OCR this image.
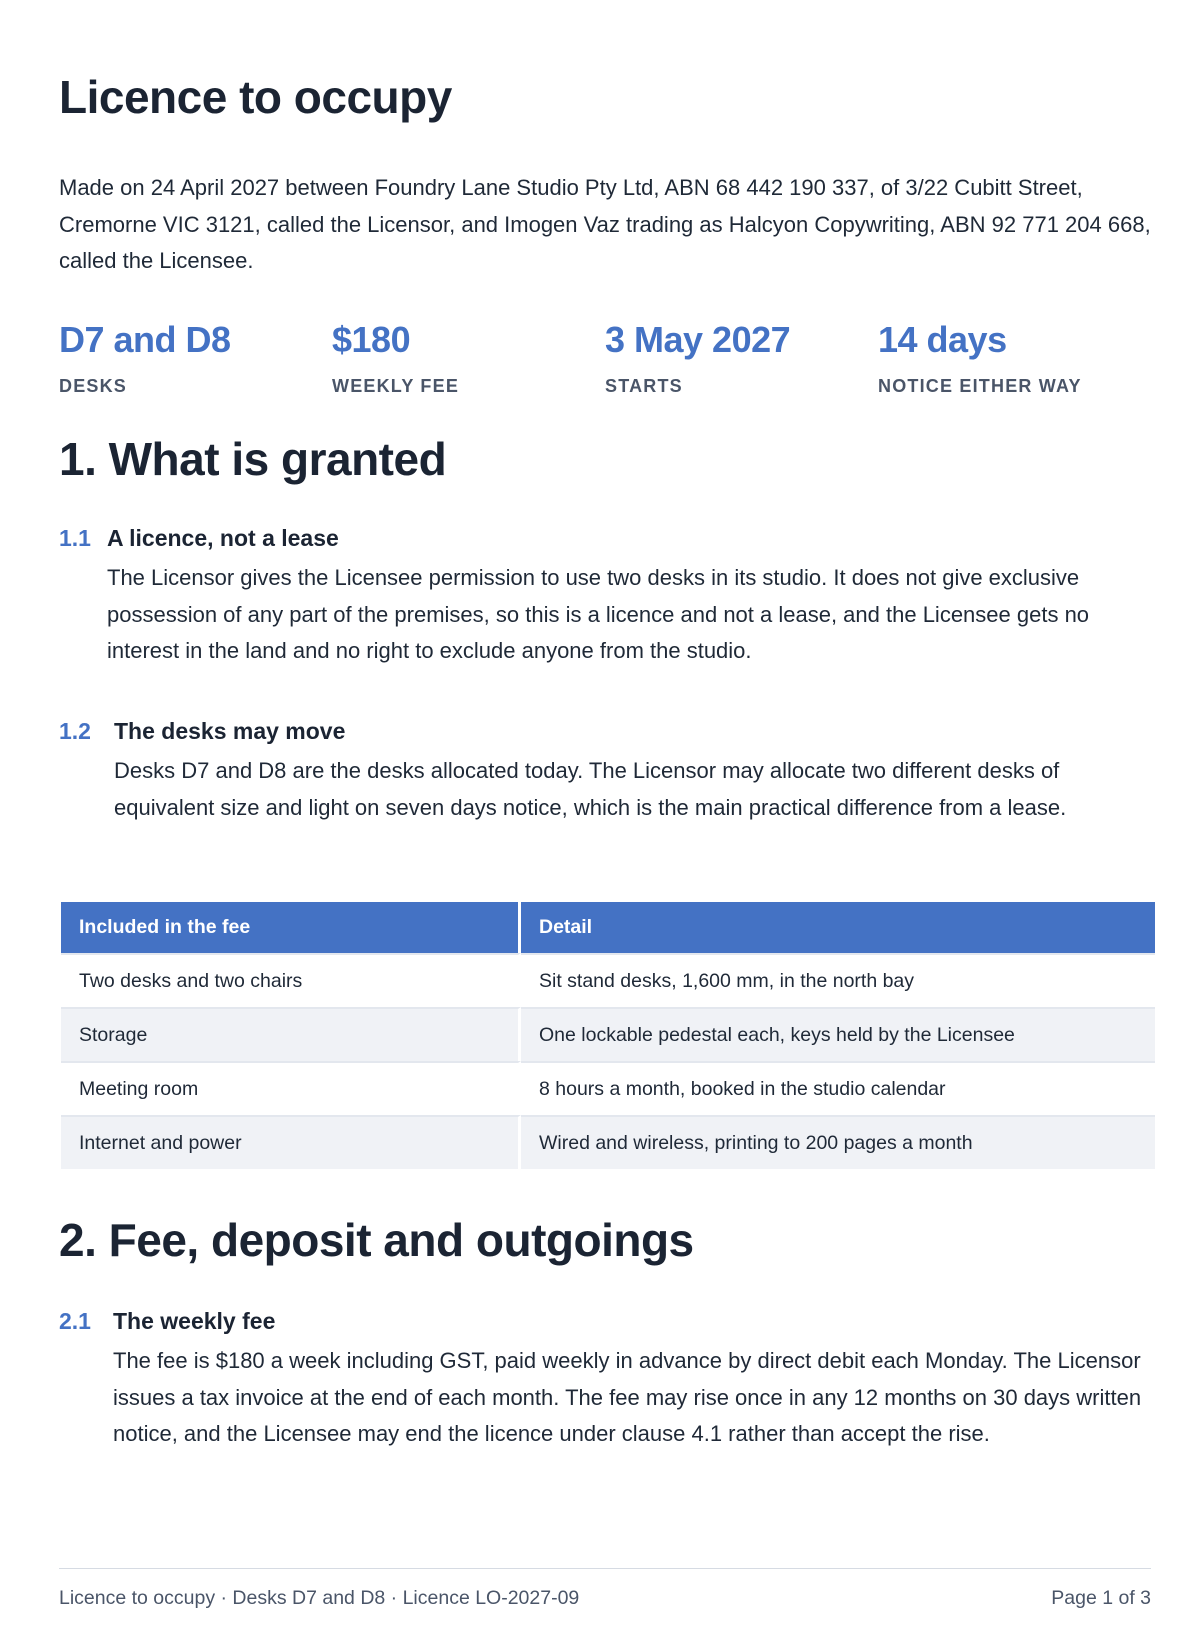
Licence to occupy

Made on 24 April 2027 between Foundry Lane Studio Pty Ltd, ABN 68 442 190 337, of 3/22 Cubitt Street, Cremorne VIC 3121, called the Licensor, and Imogen Vaz trading as Halcyon Copywriting, ABN 92 771 204 668, called the Licensee.

D7 and D8
DESKS
$180
WEEKLY FEE
3 May 2027
STARTS
14 days
NOTICE EITHER WAY
1. What is granted
1.1 A licence, not a lease

The Licensor gives the Licensee permission to use two desks in its studio. It does not give exclusive possession of any part of the premises, so this is a licence and not a lease, and the Licensee gets no interest in the land and no right to exclude anyone from the studio.

1.2	The desks may move

Desks D7 and D8 are the desks allocated today. The Licensor may allocate two different desks of equivalent size and light on seven days notice, which is the main practical difference from a lease.

Included in the fee	Detail
Two desks and two chairs	Sit stand desks, 1,600 mm, in the north bay
Storage	One lockable pedestal each, keys held by the Licensee
Meeting room	8 hours a month, booked in the studio calendar
Internet and power	Wired and wireless, printing to 200 pages a month
2. Fee, deposit and outgoings
2.1 The weekly fee

The fee is $180 a week including GST, paid weekly in advance by direct debit each Monday. The Licensor issues a tax invoice at the end of each month. The fee may rise once in any 12 months on 30 days written notice, and the Licensee may end the licence under clause 4.1 rather than accept the rise.

Licence to occupy · Desks D7 and D8 · Licence LO-2027-09	Page 1 of 3
